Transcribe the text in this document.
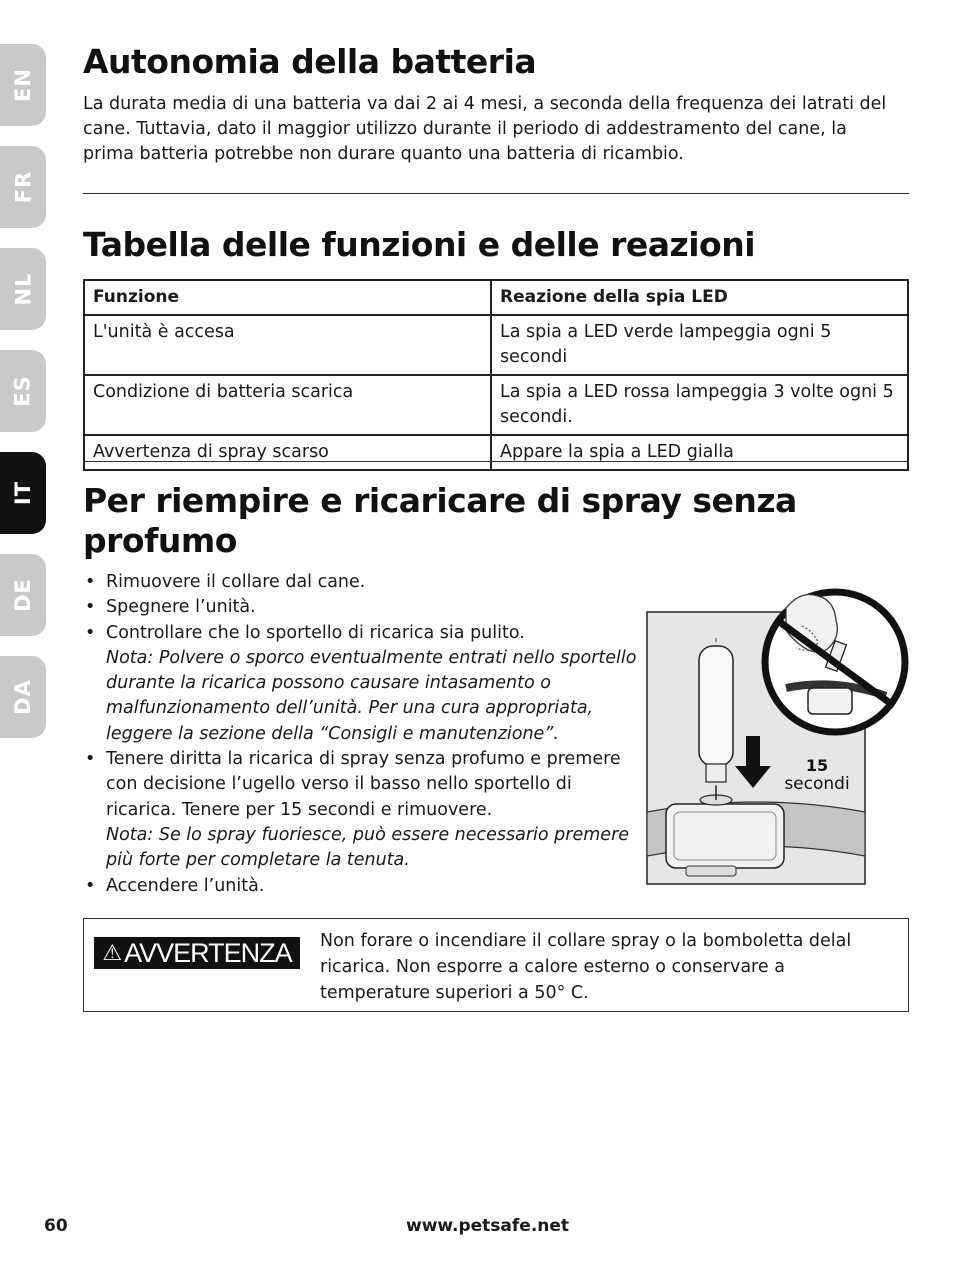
EN
FR
NL
ES
IT
DE
DA
Autonomia della batteria

La durata media di una batteria va dai 2 ai 4 mesi, a seconda della frequenza dei latrati del cane. Tuttavia, dato il maggior utilizzo durante il periodo di addestramento del cane, la prima batteria potrebbe non durare quanto una batteria di ricambio.

Tabella delle funzioni e delle reazioni
Funzione	Reazione della spia LED
L'unità è accesa	La spia a LED verde lampeggia ogni 5 secondi
Condizione di batteria scarica	La spia a LED rossa lampeggia 3 volte ogni 5 secondi.
Avvertenza di spray scarso	Appare la spia a LED gialla
Per riempire e ricaricare di spray senza profumo
• Rimuovere il collare dal cane.
• Spegnere l’unità.
• Controllare che lo sportello di ricarica sia pulito.
Nota: Polvere o sporco eventualmente entrati nello sportello durante la ricarica possono causare intasamento o malfunzionamento dell’unità. Per una cura appropriata, leggere la sezione della “Consigli e manutenzione”.
• Tenere diritta la ricarica di spray senza profumo e premere con decisione l’ugello verso il basso nello sportello di ricarica. Tenere per 15 secondi e rimuovere.
Nota: Se lo spray fuoriesce, può essere necessario premere più forte per completare la tenuta.
• Accendere l’unità.
15
secondi
⚠ AVVERTENZA Non forare o incendiare il collare spray o la bomboletta delal ricarica. Non esporre a calore esterno o conservare a temperature superiori a 50° C.

60	www.petsafe.net
